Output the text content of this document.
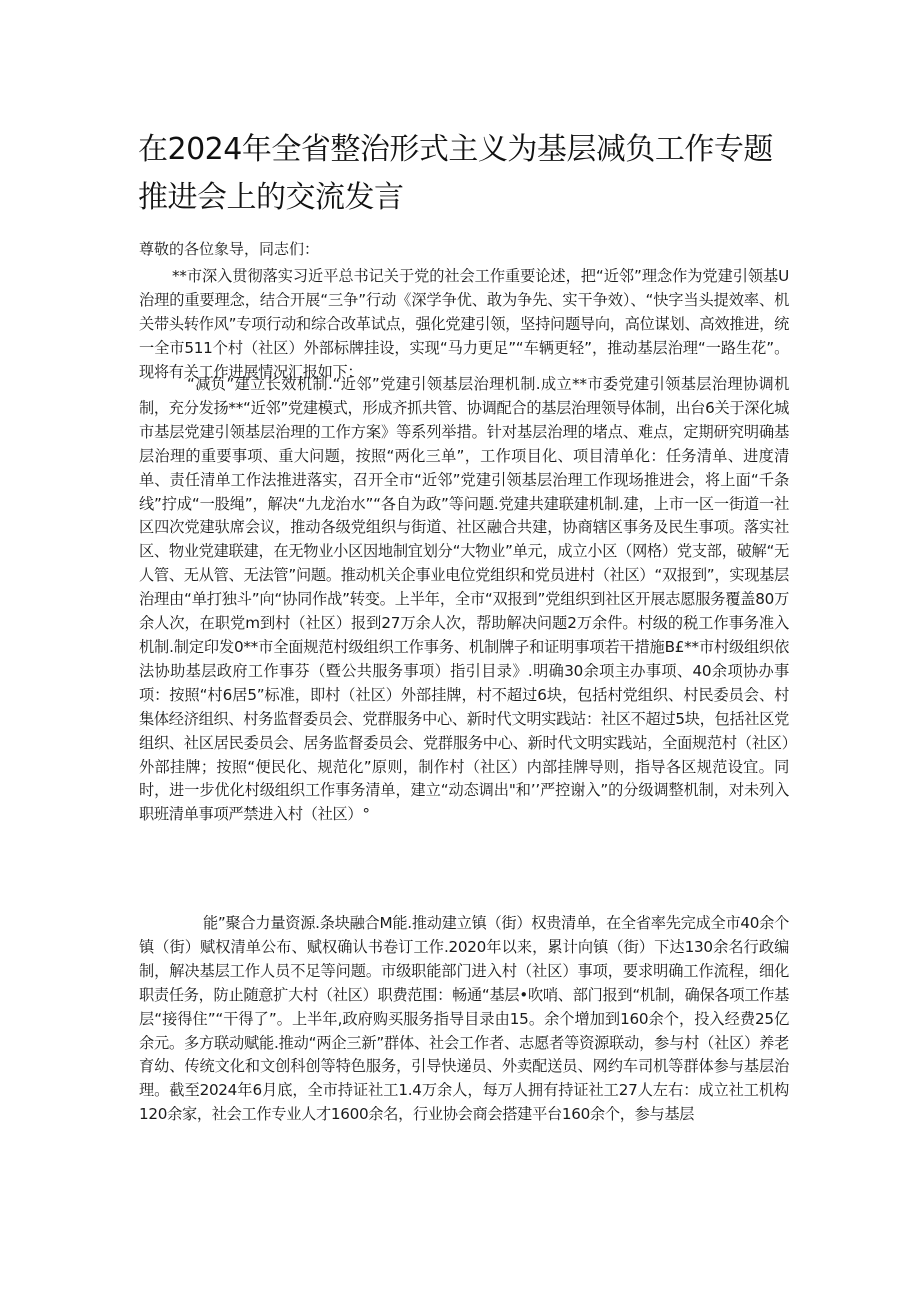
在2024年全省整治形式主义为基层减负工作专题推进会上的交流发言

尊敬的各位象导，同志们：

**市深入贯彻落实习近平总书记关于党的社会工作重要论述，把“近邻”理念作为党建引领基U治理的重要理念，结合开展“三争”行动《深学争优、敢为争先、实干争效）、“快字当头提效率、机关带头转作风”专项行动和综合改革试点，强化党建引领，坚持问题导向，高位谋划、高效推进，统一全市511个村（社区）外部标牌挂设，实现“马力更足”“车辆更轻”，推动基层治理“一路生花”。现将有关工作进展情况汇报如下：

“减负”建立长效机制.“近邻”党建引领基层治理机制.成立**市委党建引领基层治理协调机制，充分发扬**“近邻”党建模式，形成齐抓共管、协调配合的基层治理领导体制，出台6关于深化城市基层党建引领基层治理的工作方案》等系列举措。针对基层治理的堵点、难点，定期研究明确基层治理的重要事项、重大问题，按照“两化三单”，工作项目化、项目清单化：任务清单、进度清单、责任清单工作法推进落实，召开全市“近邻”党建引领基层治理工作现场推进会，将上面“千条线”拧成“一股绳”，解决“九龙治水”“各自为政”等问题.党建共建联建机制.建，上市一区一街道一社区四次党建驮席会议，推动各级党组织与街道、社区融合共建，协商辖区事务及民生事项。落实社区、物业党建联建，在无物业小区因地制宜划分“大物业”单元，成立小区（网格）党支部，破解“无人管、无从管、无法管”问题。推动机关企事业电位党组织和党员进村（社区）“双报到”，实现基层治理由“单打独斗”向“协同作战”转变。上半年，全市“双报到”党组织到社区开展志愿服务覆盖80万余人次，在职党m到村（社区）报到27万余人次，帮助解决问题2万余件。村级的税工作事务准入机制.制定印发0**市全面规范村级组织工作事务、机制牌子和证明事项若干措施B£**市村级组织依法协助基层政府工作事芬（暨公共服务事项）指引目录》.明确30余项主办事项、40余项协办事项：按照“村6居5”标准，即村（社区）外部挂牌，村不超过6块，包括村党组织、村民委员会、村集体经济组织、村务监督委员会、党群服务中心、新时代文明实践站：社区不超过5块，包括社区党组织、社区居民委员会、居务监督委员会、党群服务中心、新时代文明实践站，全面规范村（社区）外部挂牌；按照“便民化、规范化”原则，制作村（社区）内部挂牌导则，指导各区规范设宜。同时，进一步优化村级组织工作事务清单，建立“动态调出"和’’严控谢入”的分级调整机制，对未列入职班清单事项严禁进入村（社区）°

能”聚合力量资源.条块融合M能.推动建立镇（街）权贵清单，在全省率先完成全市40余个镇（街）赋权清单公布、赋权确认书卷订工作.2020年以来，累计向镇（街）下达130余名行政编制，解决基层工作人员不足等问题。市级职能部门进入村（社区）事项，要求明确工作流程，细化职责任务，防止随意扩大村（社区）职费范围：畅通“基层•吹哨、部门报到“机制，确保各项工作基层“接得住”“干得了”。上半年,政府购买服务指导目录由15。余个增加到160余个，投入经费25亿余元。多方联动赋能.推动“两企三新”群体、社会工作者、志愿者等资源联动，参与村（社区）养老育幼、传统文化和文创科创等特色服务，引导快递员、外卖配送员、网约车司机等群体参与基层治理。截至2024年6月底，全市持证社工1.4万余人，每万人拥有持证社工27人左右：成立社工机构120余家，社会工作专业人才1600余名，行业协会商会搭建平台160余个，参与基层
